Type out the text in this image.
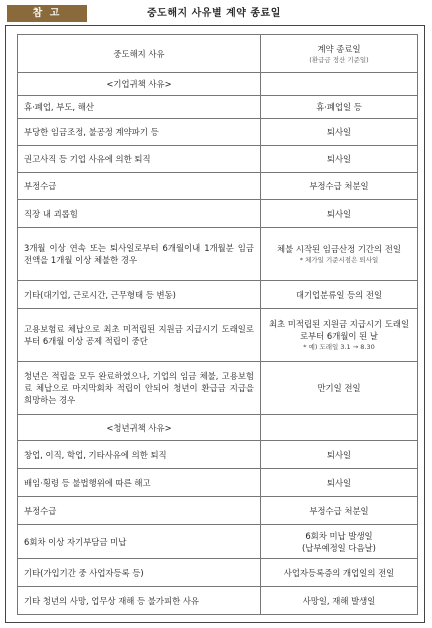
참 고	중도해지 사유별 계약 종료일
중도해지 사유	계약 종료일
(환급금 정산 기준일)

<기업귀책 사유>	
휴·폐업, 부도, 해산	휴·폐업일 등
부당한 임금조정, 불공정 계약파기 등	퇴사일
권고사직 등 기업 사유에 의한 퇴직	퇴사일
부정수급	부정수급 처분일
직장 내 괴롭힘	퇴사일
3개월 이상 연속 또는 퇴사일로부터 6개월이내 1개월분 임금 전액을 1개월 이상 체불한 경우	체불 시작된 임금산정 기간의 전일
* 체가일 기준시점은 퇴사일

기타(대기업, 근로시간, 근무형태 등 변동)	대기업분류일 등의 전일
고용보험료 체납으로 최초 미적립된 지원금 지급시기 도래일로부터 6개월 이상 공제 적립이 중단	최초 미적립된 지원금 지급시기 도래일로부터 6개월이 된 날
* 예) 도래일 3.1 → 8.30

청년은 적립을 모두 완료하였으나, 기업의 임금 체불, 고용보험료 체납으로 마지막회차 적립이 안되어 청년이 환급금 지급을 희망하는 경우	만기일 전일
<청년귀책 사유>	
창업, 이직, 학업, 기타사유에 의한 퇴직	퇴사일
배임·횡령 등 불법행위에 따른 해고	퇴사일
부정수급	부정수급 처분일
6회차 이상 자기부담금 미납	6회차 미납 발생일
(납부예정일 다음날)

기타(가입기간 중 사업자등록 등)	사업자등록증의 개업일의 전일
기타 청년의 사망, 업무상 재해 등 불가피한 사유	사망일, 재해 발생일
